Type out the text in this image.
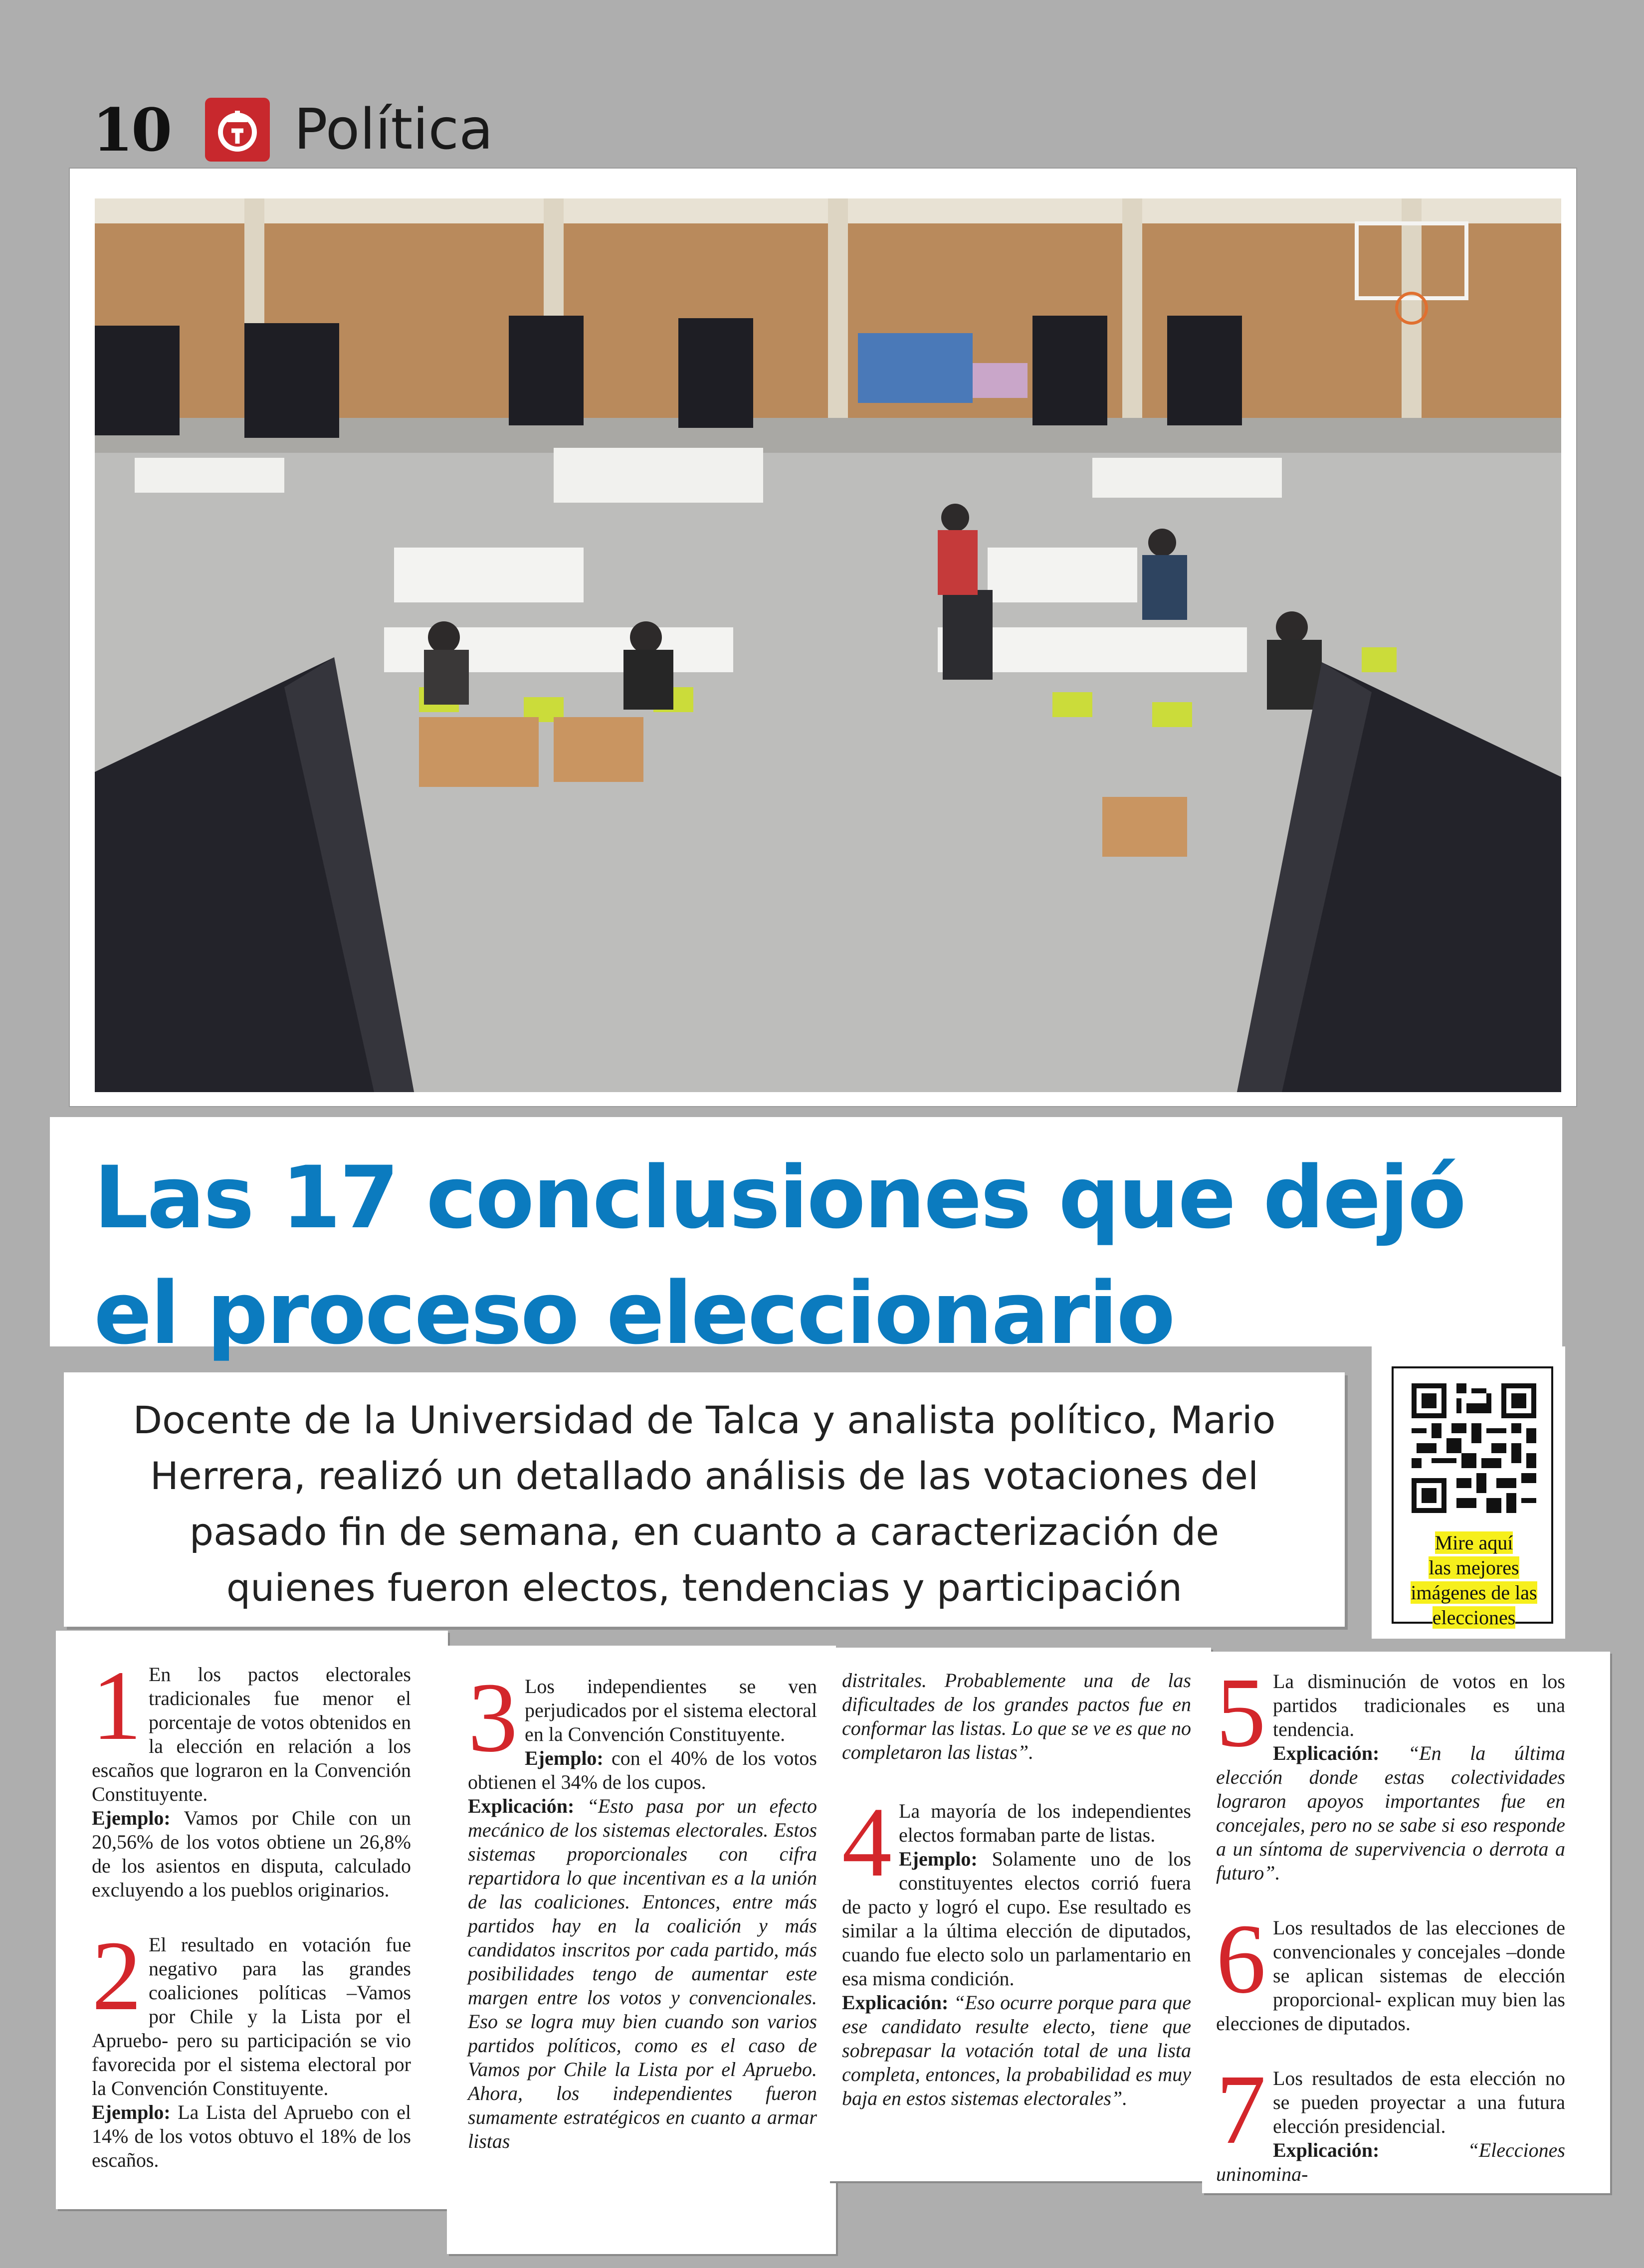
10 Política
Las 17 conclusiones que dejó
el proceso eleccionario

Docente de la Universidad de Talca y analista político, Mario
Herrera, realizó un detallado análisis de las votaciones del
pasado fin de semana, en cuanto a caracterización de
quienes fueron electos, tendencias y participación

Mire aquí
las mejores
imágenes de las
elecciones
1 En los pactos electorales tradicionales fue menor el porcentaje de votos obtenidos en la elección en relación a los escaños que lograron en la Convención Constituyente.

Ejemplo: Vamos por Chile con un 20,56% de los votos obtiene un 26,8% de los asientos en disputa, calculado excluyendo a los pueblos originarios.

2 El resultado en votación fue negativo para las grandes coaliciones políticas –Vamos por Chile y la Lista por el Apruebo- pero su participación se vio favorecida por el sistema electoral por la Convención Constituyente.

Ejemplo: La Lista del Apruebo con el 14% de los votos obtuvo el 18% de los escaños.

3 Los independientes se ven perjudicados por el sistema electoral en la Convención Constituyente.

Ejemplo: con el 40% de los votos obtienen el 34% de los cupos.

Explicación: “Esto pasa por un efecto mecánico de los sistemas electorales. Estos sistemas proporcionales con cifra repartidora lo que incentivan es a la unión de las coaliciones. Entonces, entre más partidos hay en la coalición y más candidatos inscritos por cada partido, más posibilidades tengo de aumentar este margen entre los votos y convencionales. Eso se logra muy bien cuando son varios partidos políticos, como es el caso de Vamos por Chile la Lista por el Apruebo. Ahora, los independientes fueron sumamente estratégicos en cuanto a armar listas

distritales. Probablemente una de las dificultades de los grandes pactos fue en conformar las listas. Lo que se ve es que no completaron las listas”.

4 La mayoría de los independientes electos formaban parte de listas.

Ejemplo: Solamente uno de los constituyentes electos corrió fuera de pacto y logró el cupo. Ese resultado es similar a la última elección de diputados, cuando fue electo solo un parlamentario en esa misma condición.

Explicación: “Eso ocurre porque para que ese candidato resulte electo, tiene que sobrepasar la votación total de una lista completa, entonces, la probabilidad es muy baja en estos sistemas electorales”.

5 La disminución de votos en los partidos tradicionales es una tendencia.

Explicación: “En la última elección donde estas colectividades lograron apoyos importantes fue en concejales, pero no se sabe si eso responde a un síntoma de supervivencia o derrota a futuro”.

6 Los resultados de las elecciones de convencionales y concejales –donde se aplican sistemas de elección proporcional- explican muy bien las elecciones de diputados.

7 Los resultados de esta elección no se pueden proyectar a una futura elección presidencial.

Explicación:	“Elecciones uninomina-
